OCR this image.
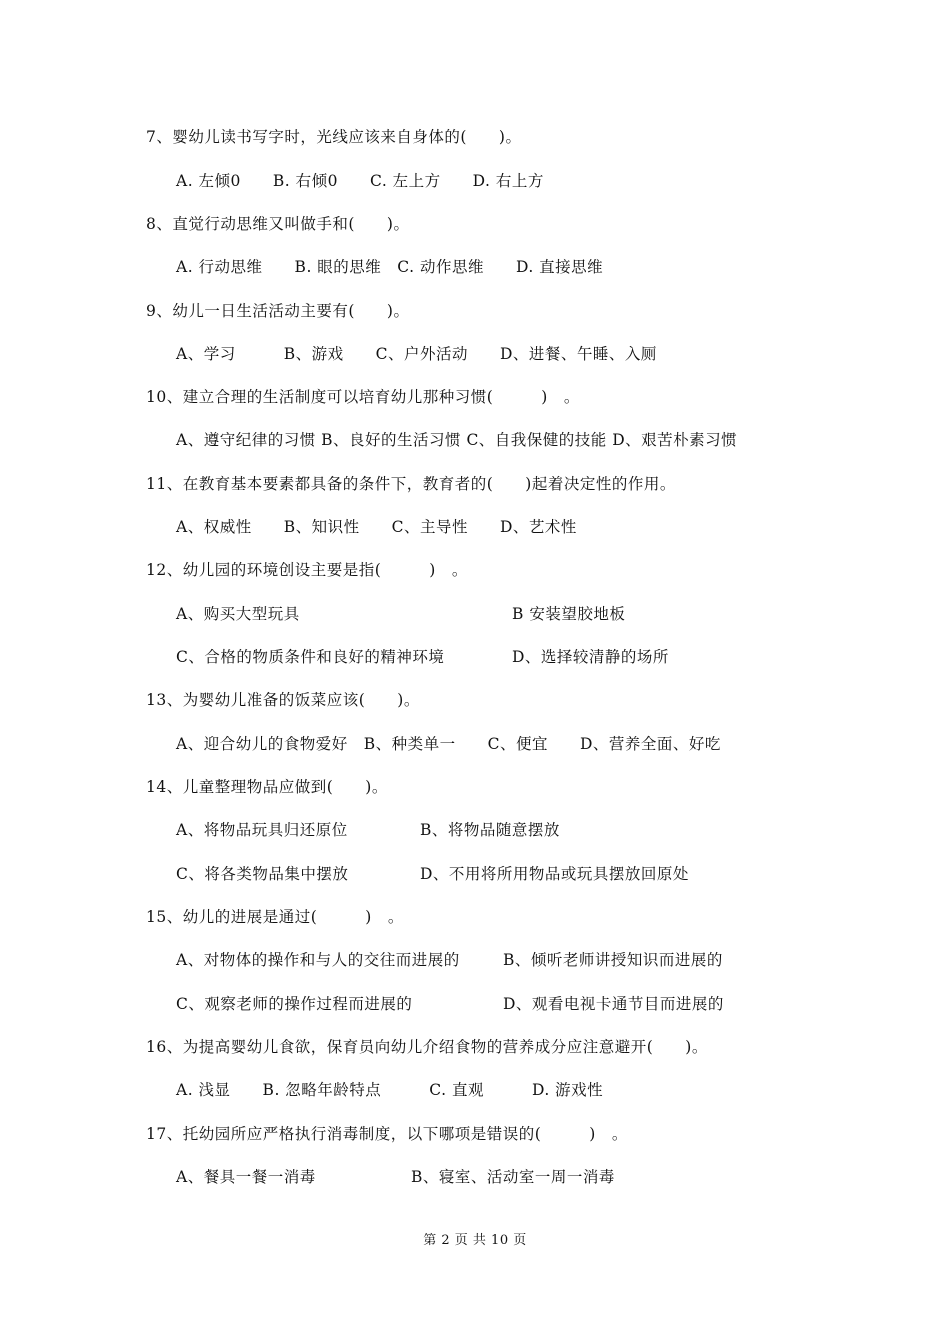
7、婴幼儿读书写字时，光线应该来自身体的(　　)。
A. 左倾0　　B. 右倾0　　C. 左上方　　D. 右上方
8、直觉行动思维又叫做手和(　　)。
A. 行动思维　　B. 眼的思维　C. 动作思维　　D. 直接思维
9、幼儿一日生活活动主要有(　　)。
A、学习　　　B、游戏　　C、户外活动　　D、进餐、午睡、入厕
10、建立合理的生活制度可以培育幼儿那种习惯(　　　)　。
A、遵守纪律的习惯 B、良好的生活习惯 C、自我保健的技能 D、艰苦朴素习惯
11、在教育基本要素都具备的条件下，教育者的(　　)起着决定性的作用。
A、权威性　　B、知识性　　C、主导性　　D、艺术性
12、幼儿园的环境创设主要是指(　　　)　。
A、购买大型玩具	B 安装望胶地板
C、合格的物质条件和良好的精神环境	D、选择较清静的场所
13、为婴幼儿准备的饭菜应该(　　)。
A、迎合幼儿的食物爱好　B、种类单一　　C、便宜　　D、营养全面、好吃
14、儿童整理物品应做到(　　)。
A、将物品玩具归还原位	B、将物品随意摆放
C、将各类物品集中摆放	D、不用将所用物品或玩具摆放回原处
15、幼儿的进展是通过(　　　)　。
A、对物体的操作和与人的交往而进展的	B、倾听老师讲授知识而进展的
C、观察老师的操作过程而进展的	D、观看电视卡通节目而进展的
16、为提高婴幼儿食欲，保育员向幼儿介绍食物的营养成分应注意避开(　　)。
A. 浅显　　B. 忽略年龄特点　　　C. 直观　　　D. 游戏性
17、托幼园所应严格执行消毒制度，以下哪项是错误的(　　　)　。
A、餐具一餐一消毒	B、寝室、活动室一周一消毒
第 2 页 共 10 页
